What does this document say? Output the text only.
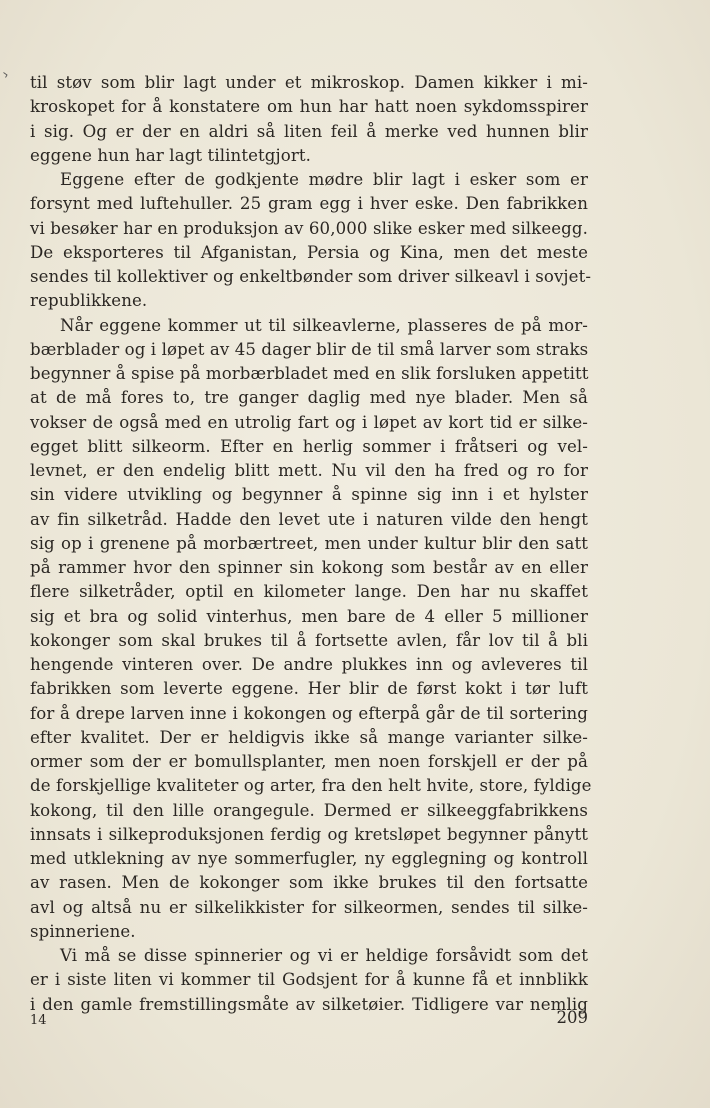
til støv som blir lagt under et mikroskop. Damen kikker i mi-
kroskopet for å konstatere om hun har hatt noen sykdomsspirer
i sig. Og er der en aldri så liten feil å merke ved hunnen blir
eggene hun har lagt tilintetgjort.
Eggene efter de godkjente mødre blir lagt i esker som er
forsynt med luftehuller. 25 gram egg i hver eske. Den fabrikken
vi besøker har en produksjon av 60,000 slike esker med silkeegg.
De eksporteres til Afganistan, Persia og Kina, men det meste
sendes til kollektiver og enkeltbønder som driver silkeavl i sovjet-
republikkene.
Når eggene kommer ut til silkeavlerne, plasseres de på mor-
bærblader og i løpet av 45 dager blir de til små larver som straks
begynner å spise på morbærbladet med en slik forsluken appetitt
at de må fores to, tre ganger daglig med nye blader. Men så
vokser de også med en utrolig fart og i løpet av kort tid er silke-
egget blitt silkeorm. Efter en herlig sommer i fråtseri og vel-
levnet, er den endelig blitt mett. Nu vil den ha fred og ro for
sin videre utvikling og begynner å spinne sig inn i et hylster
av fin silketråd. Hadde den levet ute i naturen vilde den hengt
sig op i grenene på morbærtreet, men under kultur blir den satt
på rammer hvor den spinner sin kokong som består av en eller
flere silketråder, optil en kilometer lange. Den har nu skaffet
sig et bra og solid vinterhus, men bare de 4 eller 5 millioner
kokonger som skal brukes til å fortsette avlen, får lov til å bli
hengende vinteren over. De andre plukkes inn og avleveres til
fabrikken som leverte eggene. Her blir de først kokt i tør luft
for å drepe larven inne i kokongen og efterpå går de til sortering
efter kvalitet. Der er heldigvis ikke så mange varianter silke-
ormer som der er bomullsplanter, men noen forskjell er der på
de forskjellige kvaliteter og arter, fra den helt hvite, store, fyldige
kokong, til den lille orangegule. Dermed er silkeeggfabrikkens
innsats i silkeproduksjonen ferdig og kretsløpet begynner pånytt
med utklekning av nye sommerfugler, ny egglegning og kontroll
av rasen. Men de kokonger som ikke brukes til den fortsatte
avl og altså nu er silkelikkister for silkeormen, sendes til silke-
spinneriene.
Vi må se disse spinnerier og vi er heldige forsåvidt som det
er i siste liten vi kommer til Godsjent for å kunne få et innblikk
i den gamle fremstillingsmåte av silketøier. Tidligere var nemlig
14	209
